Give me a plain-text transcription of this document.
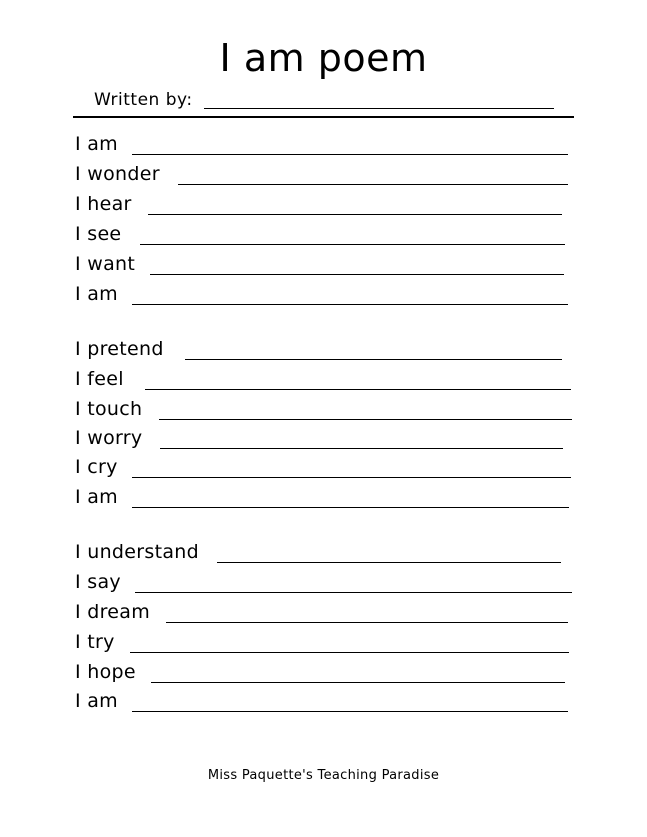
I am poem
Written by:
I am
I wonder
I hear
I see
I want
I am
I pretend
I feel
I touch
I worry
I cry
I am
I understand
I say
I dream
I try
I hope
I am
Miss Paquette's Teaching Paradise
